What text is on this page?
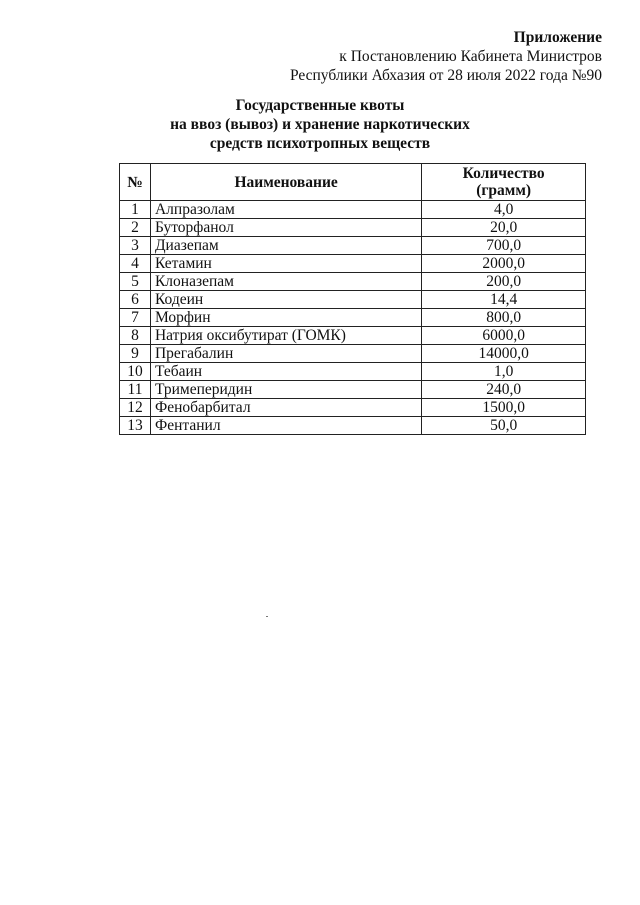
Приложение
к Постановлению Кабинета Министров
Республики Абхазия от 28 июля 2022 года №90
Государственные квоты
на ввоз (вывоз) и хранение наркотических
средств психотропных веществ
№	Наименование	Количество
(грамм)

1	Алпразолам	4,0
2	Буторфанол	20,0
3	Диазепам	700,0
4	Кетамин	2000,0
5	Клоназепам	200,0
6	Кодеин	14,4
7	Морфин	800,0
8	Натрия оксибутират (ГОМК)	6000,0
9	Прегабалин	14000,0
10	Тебаин	1,0
11	Тримеперидин	240,0
12	Фенобарбитал	1500,0
13	Фентанил	50,0
